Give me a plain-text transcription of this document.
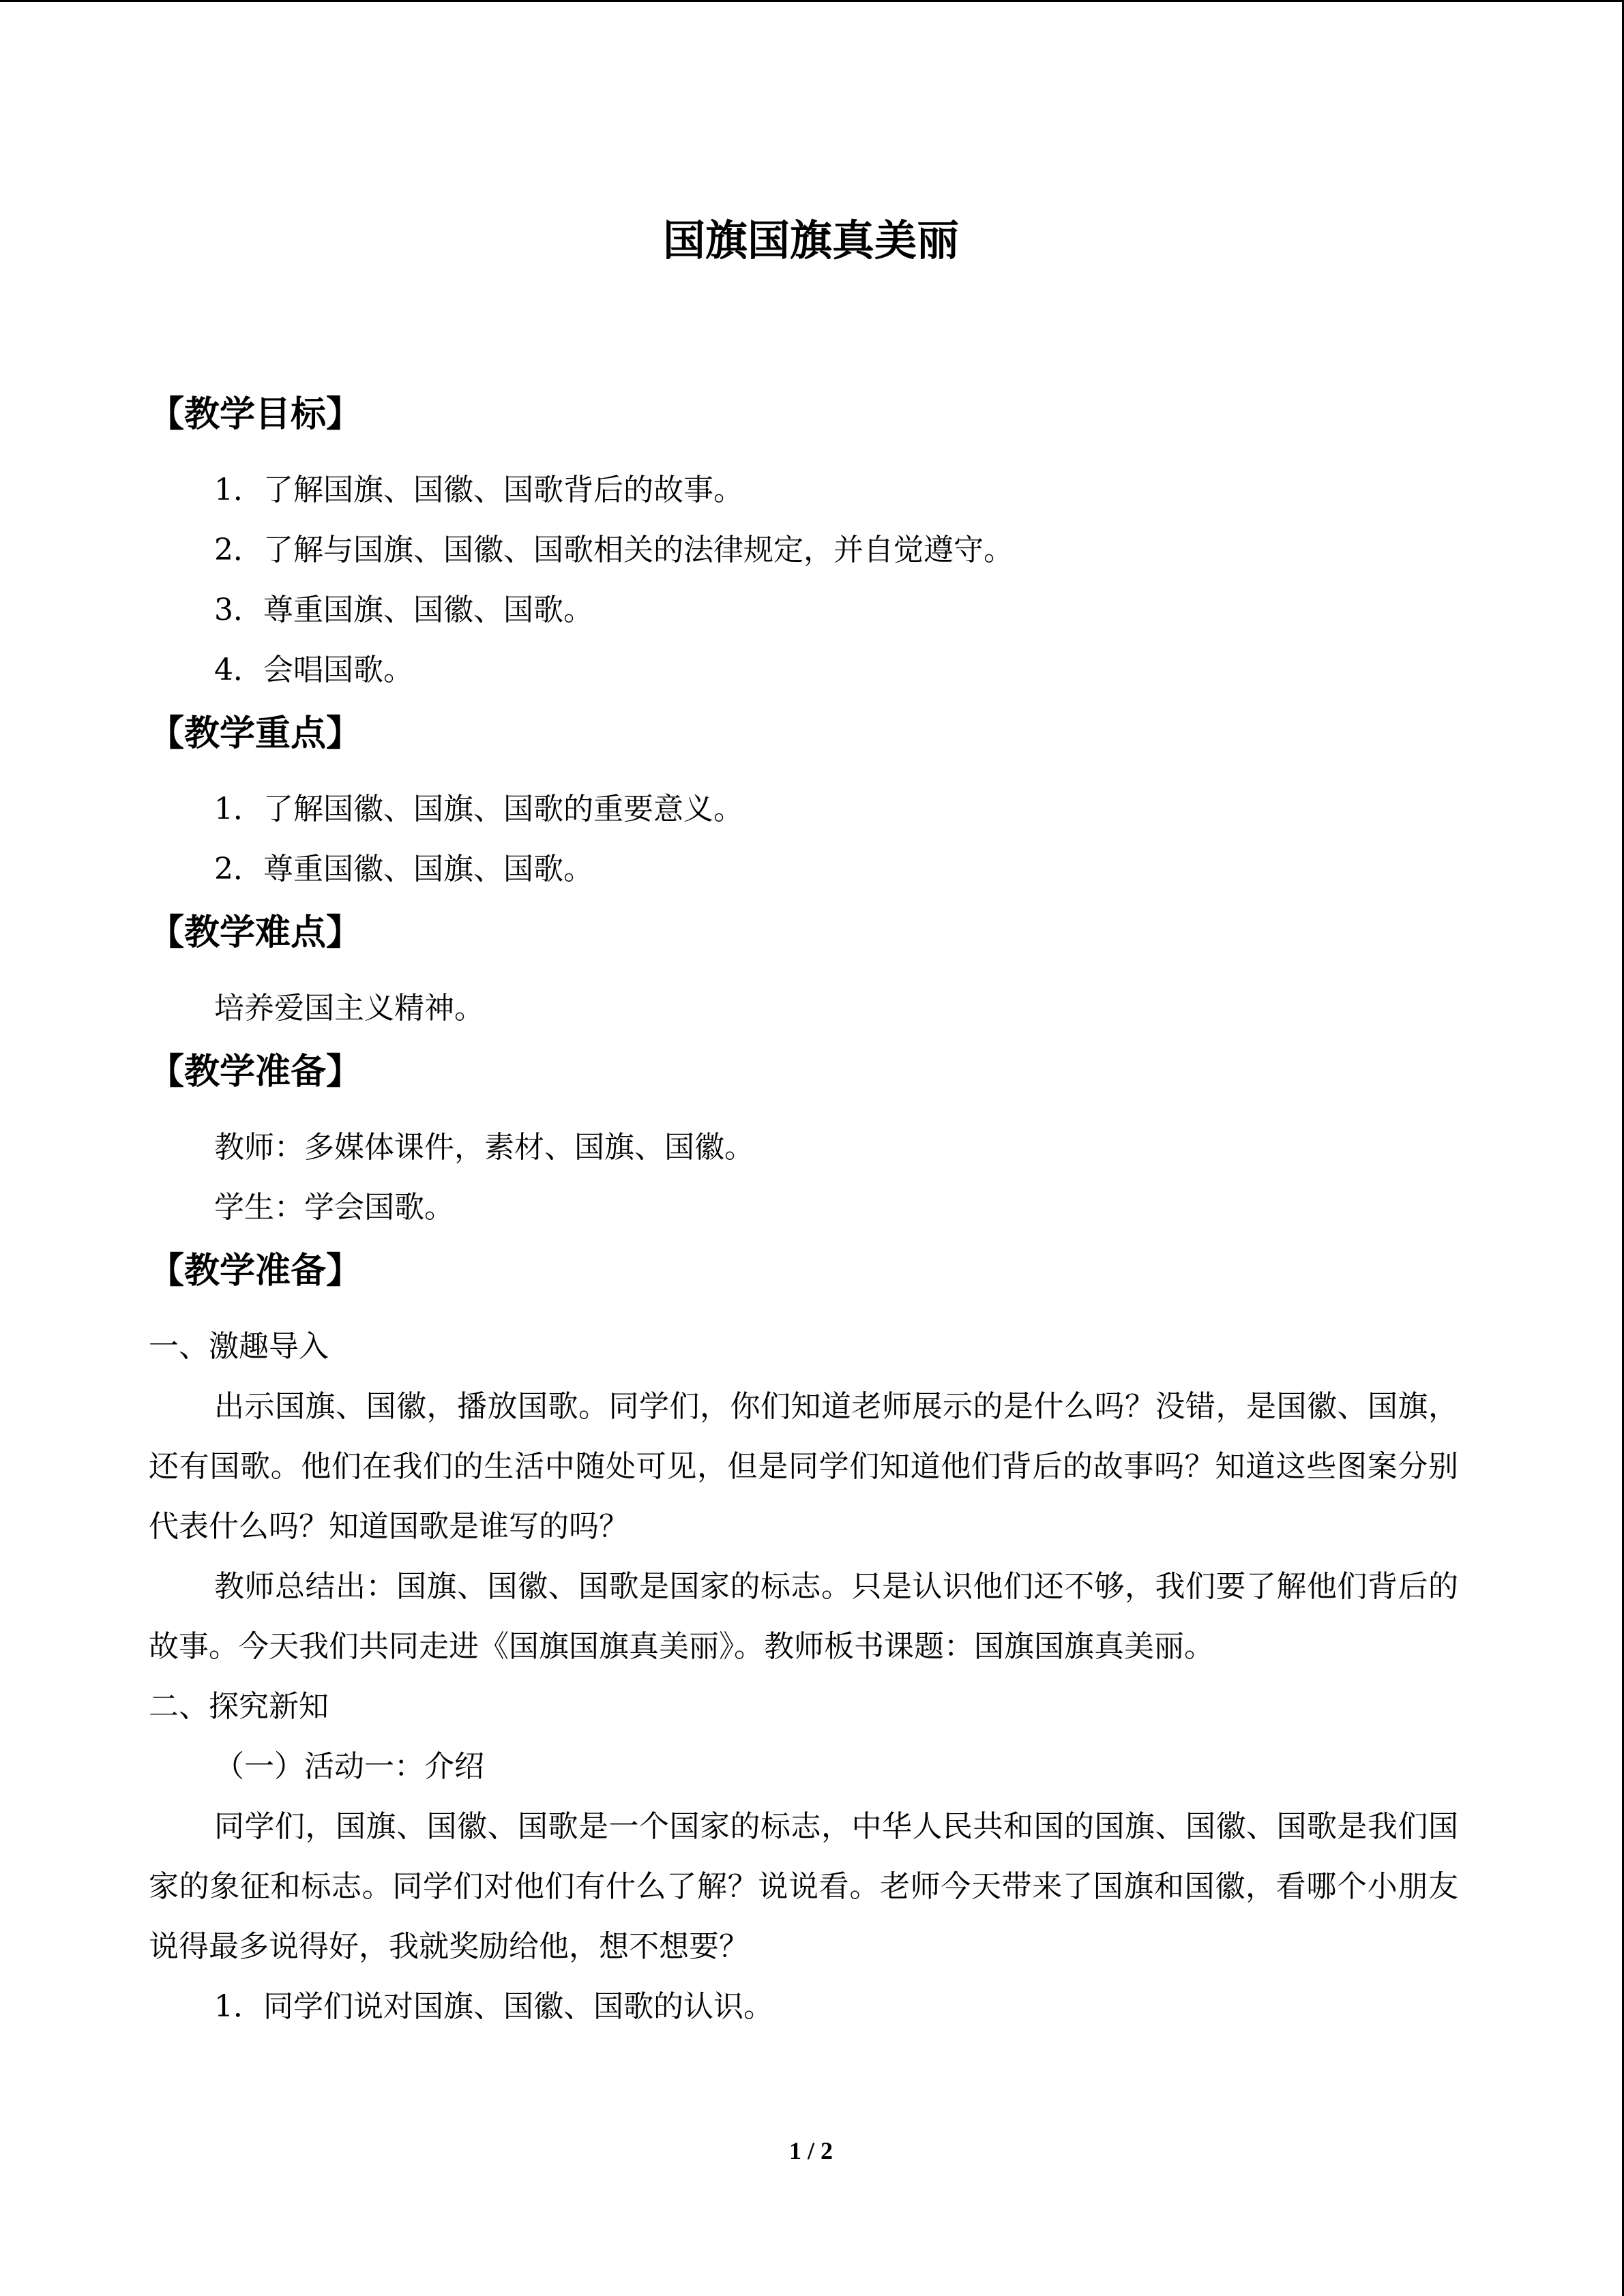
国旗国旗真美丽
【教学目标】
1．了解国旗、国徽、国歌背后的故事。
2．了解与国旗、国徽、国歌相关的法律规定，并自觉遵守。
3．尊重国旗、国徽、国歌。
4．会唱国歌。
【教学重点】
1．了解国徽、国旗、国歌的重要意义。
2．尊重国徽、国旗、国歌。
【教学难点】
培养爱国主义精神。
【教学准备】
教师：多媒体课件，素材、国旗、国徽。
学生：学会国歌。
【教学准备】
一、激趣导入

出示国旗、国徽，播放国歌。同学们，你们知道老师展示的是什么吗？没错，是国徽、国旗，还有国歌。他们在我们的生活中随处可见，但是同学们知道他们背后的故事吗？知道这些图案分别代表什么吗？知道国歌是谁写的吗？

教师总结出：国旗、国徽、国歌是国家的标志。只是认识他们还不够，我们要了解他们背后的故事。今天我们共同走进《国旗国旗真美丽》。教师板书课题：国旗国旗真美丽。

二、探究新知
（一）活动一：介绍

同学们，国旗、国徽、国歌是一个国家的标志，中华人民共和国的国旗、国徽、国歌是我们国家的象征和标志。同学们对他们有什么了解？说说看。老师今天带来了国旗和国徽，看哪个小朋友说得最多说得好，我就奖励给他，想不想要？

1．同学们说对国旗、国徽、国歌的认识。
1 / 2
